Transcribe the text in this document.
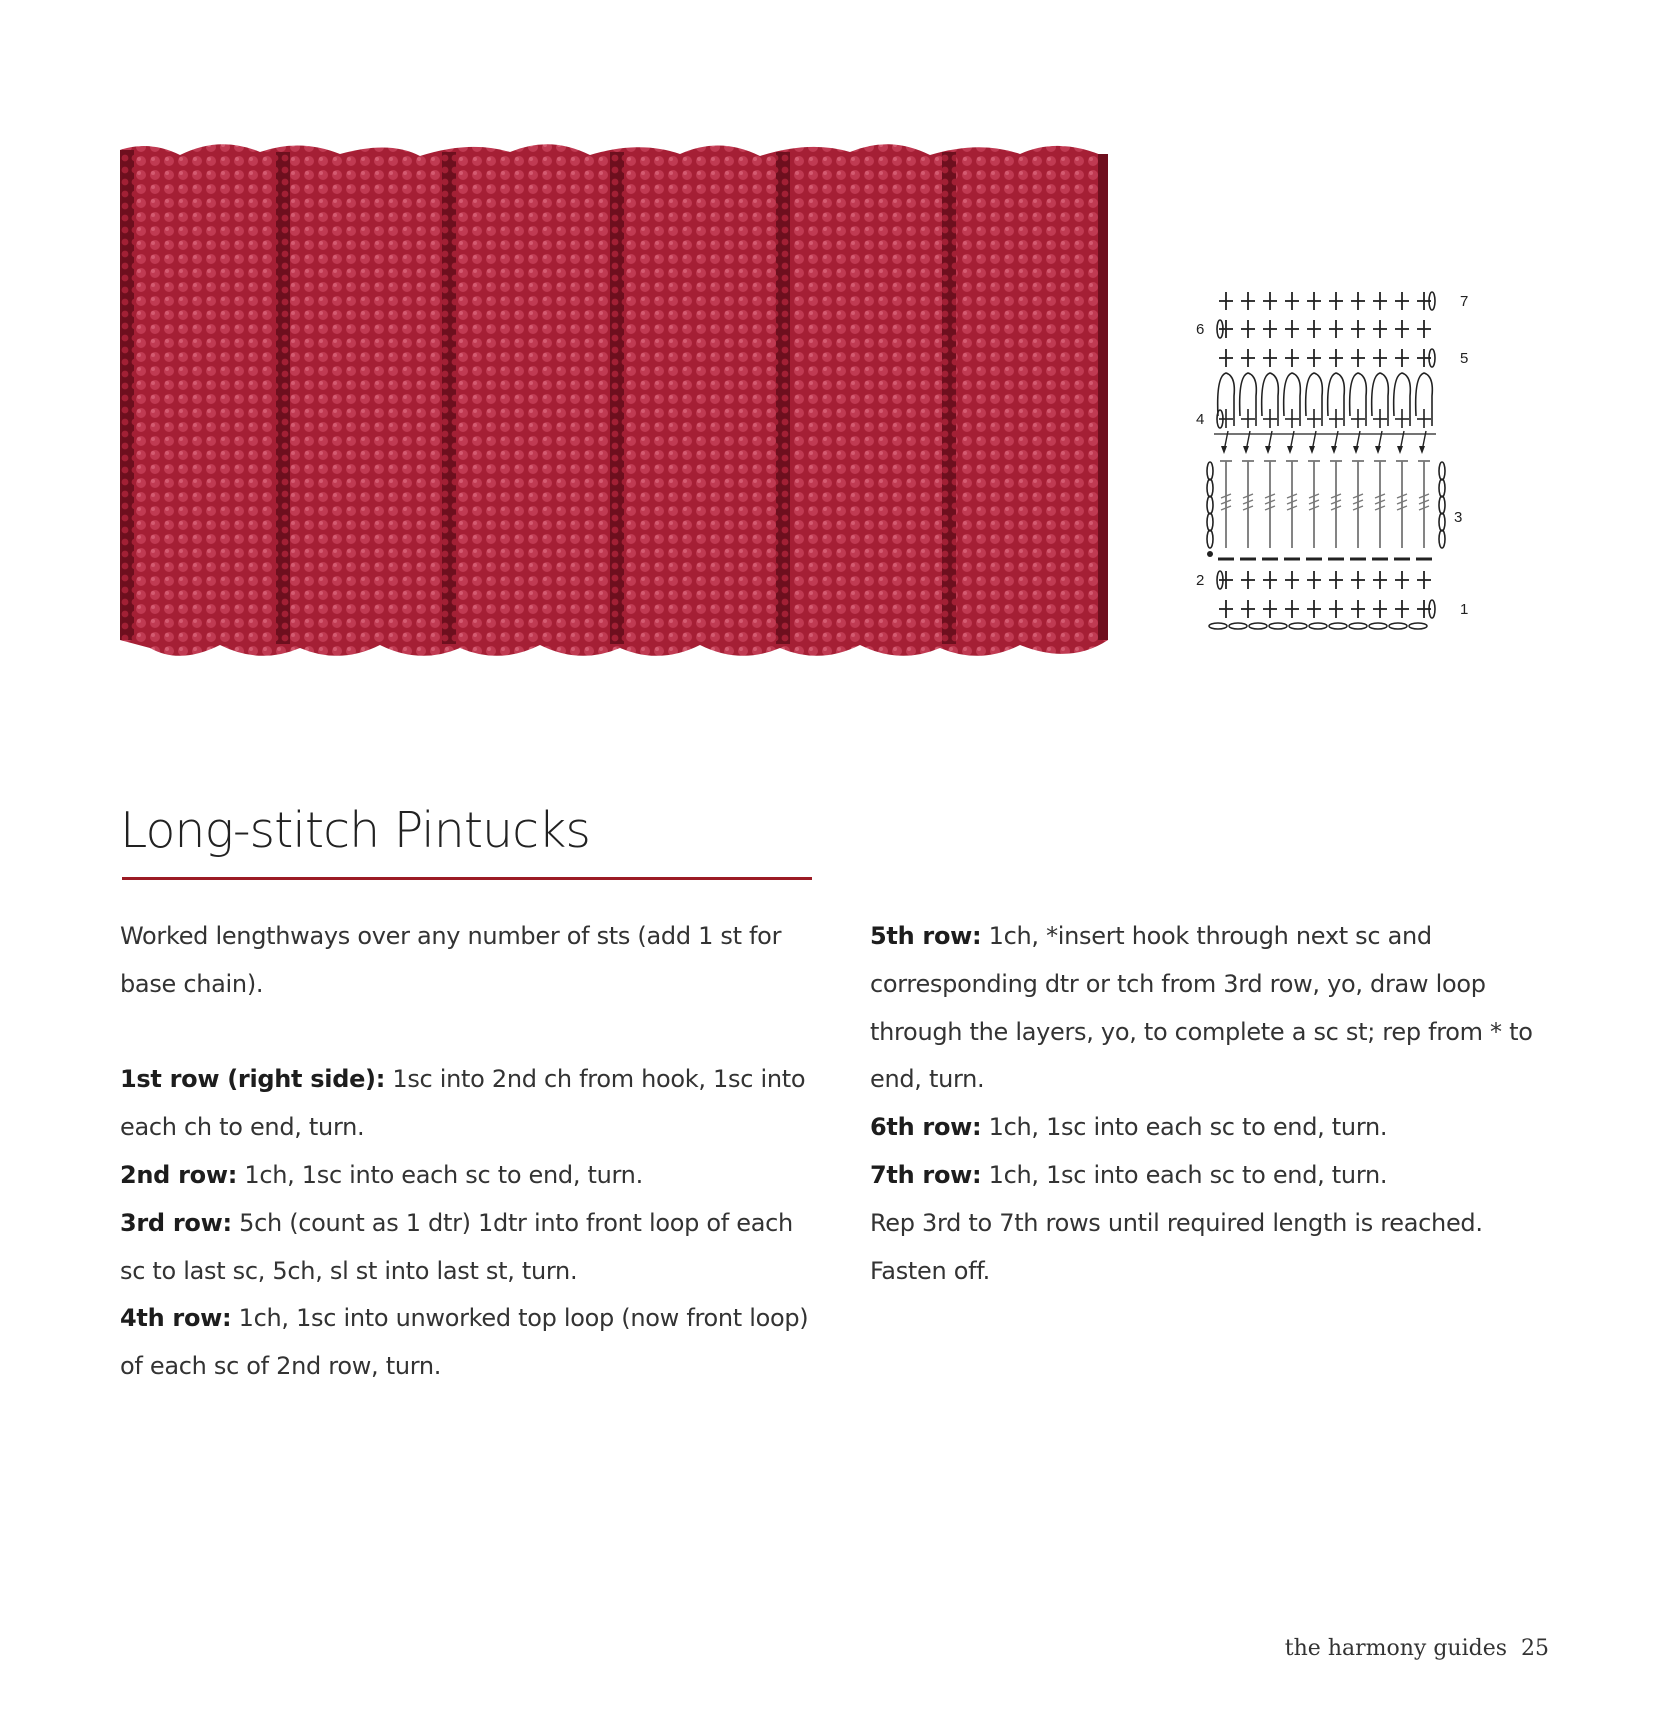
7
6
5
4
3
2
1
Long-stitch Pintucks

Worked lengthways over any number of sts (add 1 st for base chain).

1st row (right side): 1sc into 2nd ch from hook, 1sc into each ch to end, turn.

2nd row: 1ch, 1sc into each sc to end, turn.

3rd row: 5ch (count as 1 dtr) 1dtr into front loop of each sc to last sc, 5ch, sl st into last st, turn.

4th row: 1ch, 1sc into unworked top loop (now front loop) of each sc of 2nd row, turn.

5th row: 1ch, *insert hook through next sc and corresponding dtr or tch from 3rd row, yo, draw loop through the layers, yo, to complete a sc st; rep from * to end, turn.

6th row: 1ch, 1sc into each sc to end, turn.

7th row: 1ch, 1sc into each sc to end, turn.

Rep 3rd to 7th rows until required length is reached.

Fasten off.

the harmony guides 25
